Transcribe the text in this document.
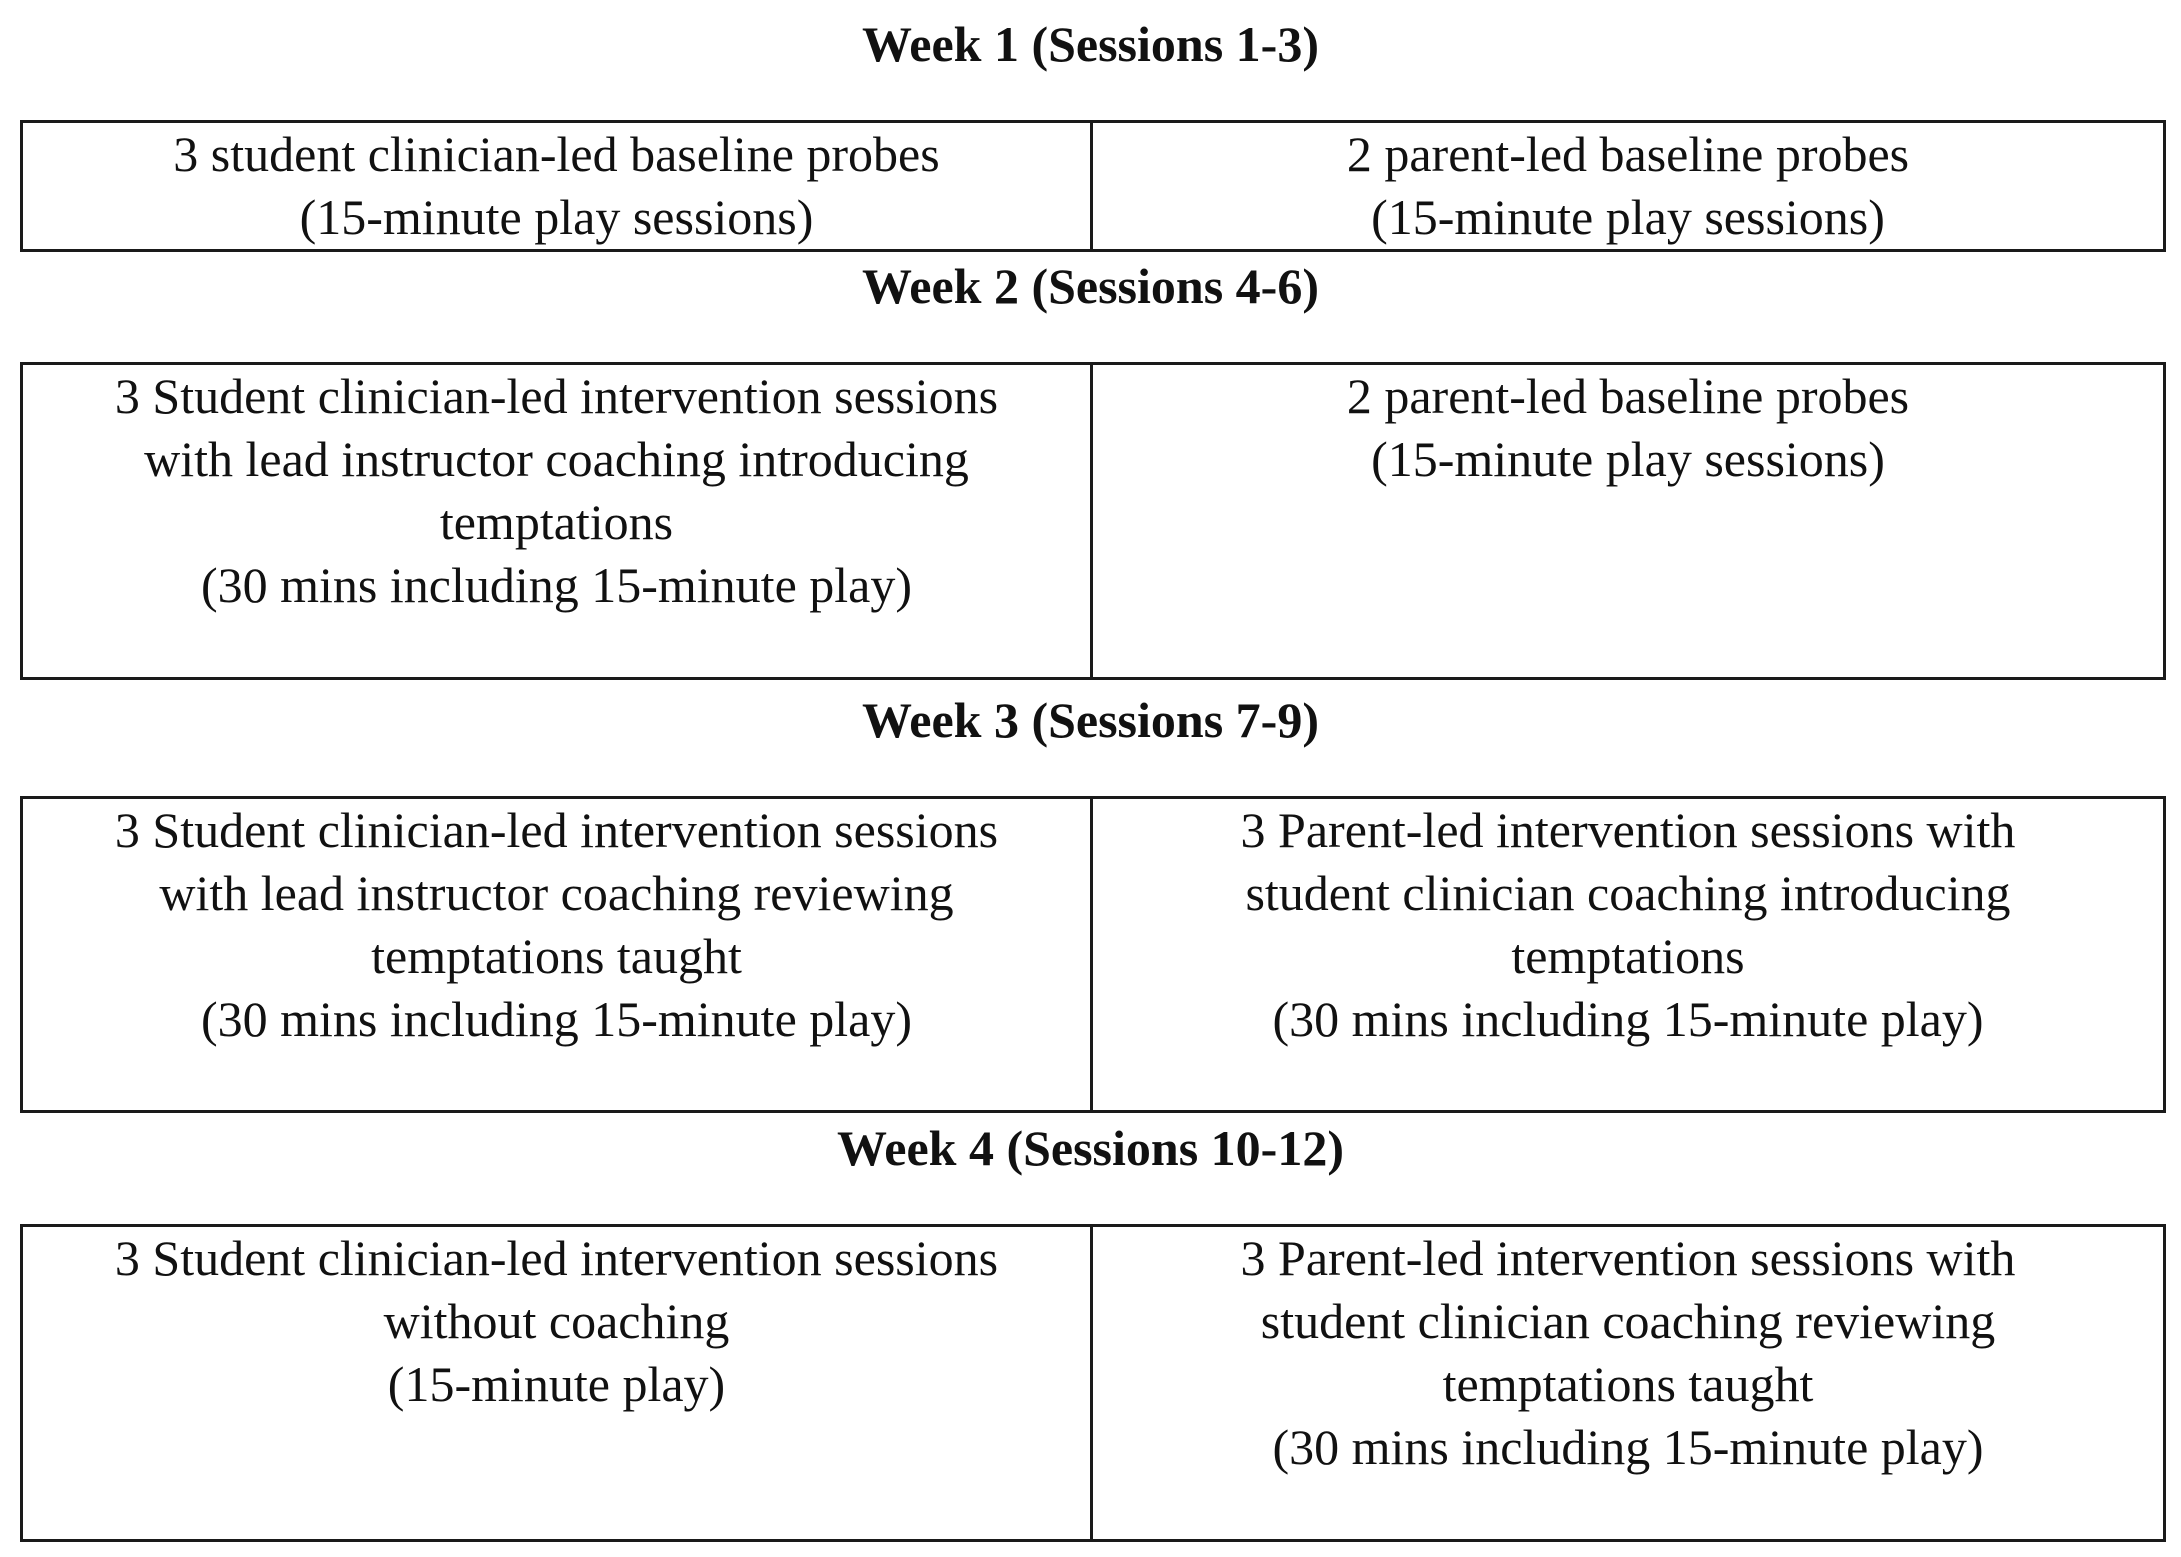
Week 1 (Sessions 1-3)
3 student clinician-led baseline probes
(15-minute play sessions)
2 parent-led baseline probes
(15-minute play sessions)
Week 2 (Sessions 4-6)
3 Student clinician-led intervention sessions
with lead instructor coaching introducing
temptations
(30 mins including 15-minute play)
2 parent-led baseline probes
(15-minute play sessions)
Week 3 (Sessions 7-9)
3 Student clinician-led intervention sessions
with lead instructor coaching reviewing
temptations taught
(30 mins including 15-minute play)
3 Parent-led intervention sessions with
student clinician coaching introducing
temptations
(30 mins including 15-minute play)
Week 4 (Sessions 10-12)
3 Student clinician-led intervention sessions
without coaching
(15-minute play)
3 Parent-led intervention sessions with
student clinician coaching reviewing
temptations taught
(30 mins including 15-minute play)
